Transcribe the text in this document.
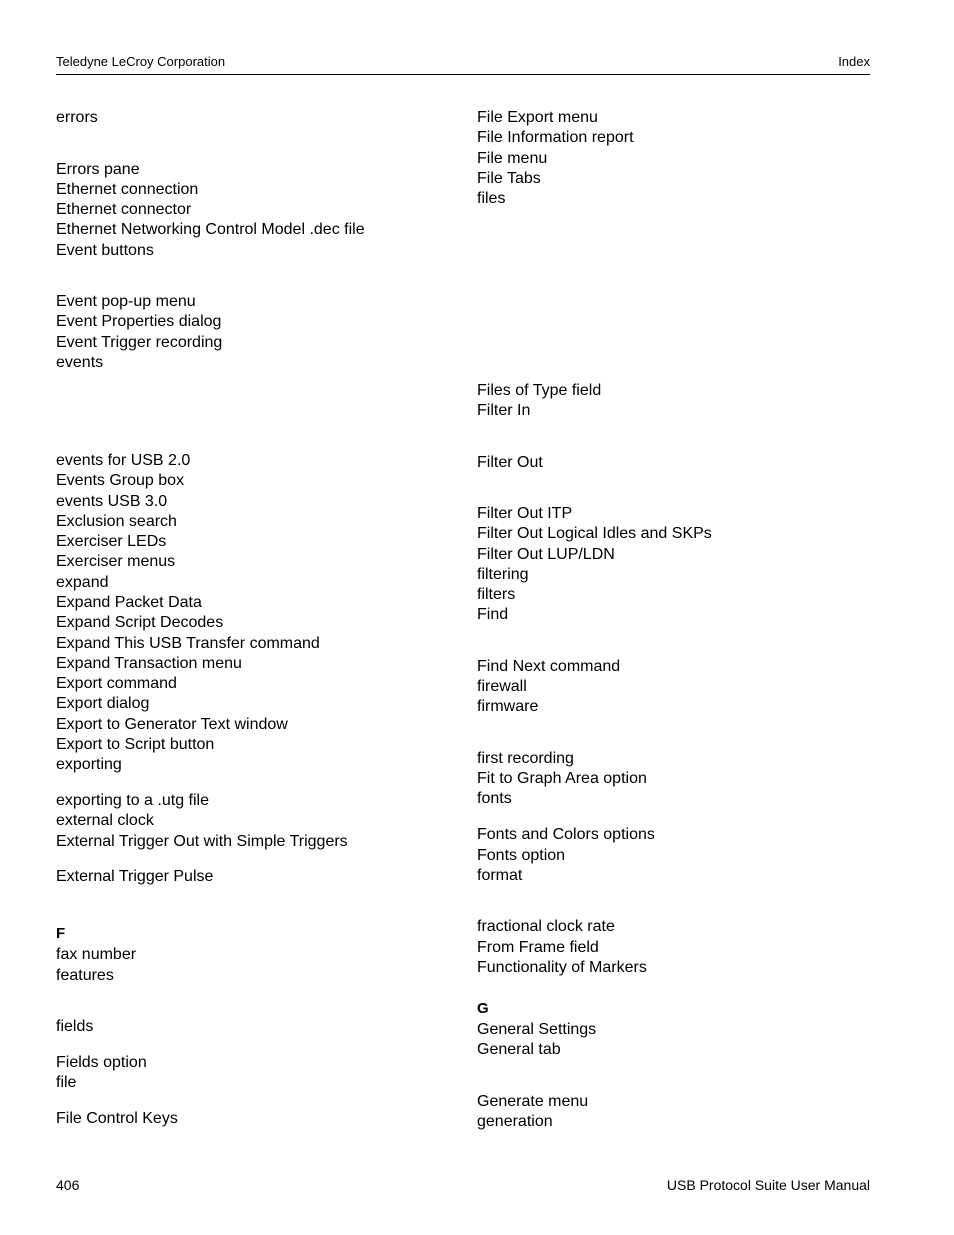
Teledyne LeCroy Corporation	Index
errors
Errors pane
Ethernet connection
Ethernet connector
Ethernet Networking Control Model .dec file
Event buttons
Event pop-up menu
Event Properties dialog
Event Trigger recording
events
events for USB 2.0
Events Group box
events USB 3.0
Exclusion search
Exerciser LEDs
Exerciser menus
expand
Expand Packet Data
Expand Script Decodes
Expand This USB Transfer command
Expand Transaction menu
Export command
Export dialog
Export to Generator Text window
Export to Script button
exporting
exporting to a .utg file
external clock
External Trigger Out with Simple Triggers
External Trigger Pulse
F
fax number
features
fields
Fields option
file
File Control Keys
File Export menu
File Information report
File menu
File Tabs
files
Files of Type field
Filter In
Filter Out
Filter Out ITP
Filter Out Logical Idles and SKPs
Filter Out LUP/LDN
filtering
filters
Find
Find Next command
firewall
firmware
first recording
Fit to Graph Area option
fonts
Fonts and Colors options
Fonts option
format
fractional clock rate
From Frame field
Functionality of Markers
G
General Settings
General tab
Generate menu
generation
406	USB Protocol Suite User Manual
